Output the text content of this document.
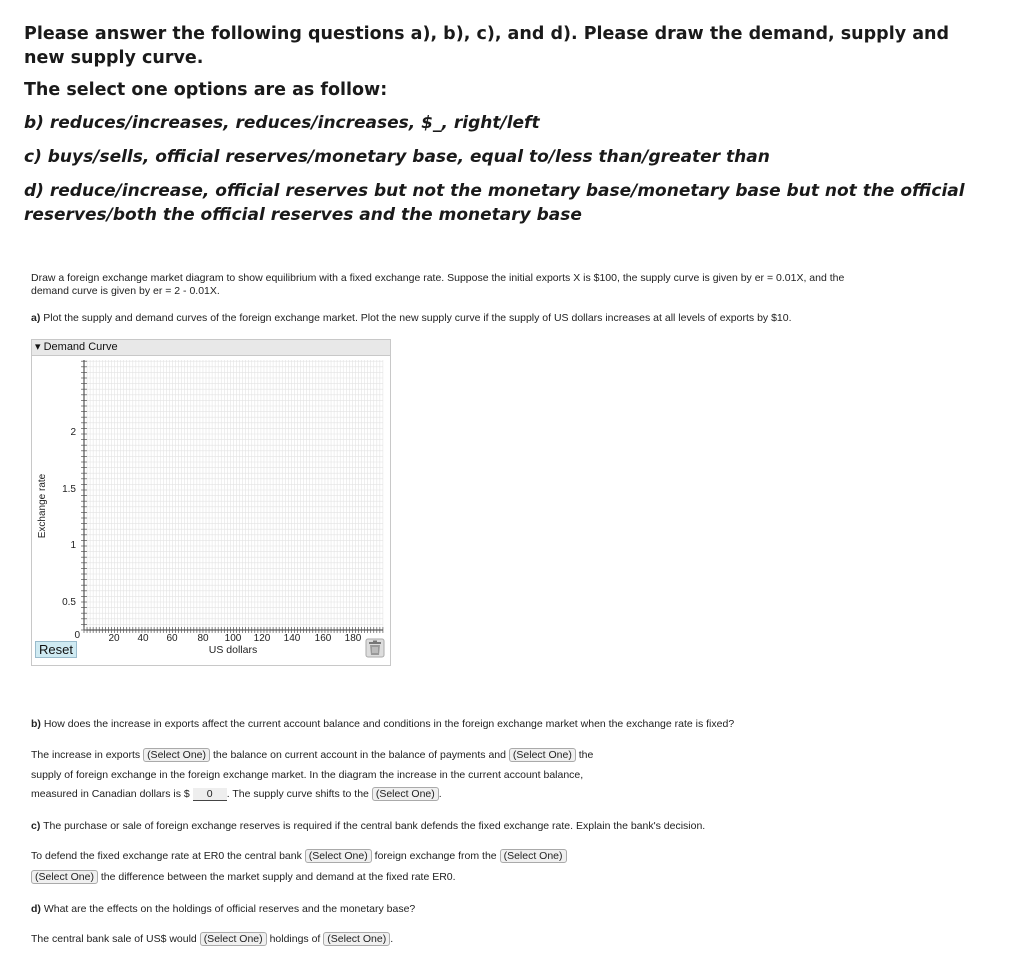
Please answer the following questions a), b), c), and d). Please draw the demand, supply and new supply curve.
The select one options are as follow:
b) reduces/increases, reduces/increases, $_, right/left
c) buys/sells, official reserves/monetary base, equal to/less than/greater than
d) reduce/increase, official reserves but not the monetary base/monetary base but not the official
reserves/both the official reserves and the monetary base
Draw a foreign exchange market diagram to show equilibrium with a fixed exchange rate. Suppose the initial exports X is $100, the supply curve is given by er = 0.01X, and the
demand curve is given by er = 2 - 0.01X.
a) Plot the supply and demand curves of the foreign exchange market. Plot the new supply curve if the supply of US dollars increases at all levels of exports by $10.
▾ Demand Curve
Exchange rate
US dollars
2
1.5
1
0.5
0	20 40 60 80 100 120 140 160 180
Reset
b) How does the increase in exports affect the current account balance and conditions in the foreign exchange market when the exchange rate is fixed?
The increase in exports (Select One) the balance on current account in the balance of payments and (Select One) the
supply of foreign exchange in the foreign exchange market. In the diagram the increase in the current account balance,
measured in Canadian dollars is $ 0 . The supply curve shifts to the (Select One) .
c) The purchase or sale of foreign exchange reserves is required if the central bank defends the fixed exchange rate. Explain the bank's decision.
To defend the fixed exchange rate at ER0 the central bank (Select One) foreign exchange from the (Select One)
(Select One) the difference between the market supply and demand at the fixed rate ER0.
d) What are the effects on the holdings of official reserves and the monetary base?
The central bank sale of US$ would (Select One) holdings of (Select One) .
